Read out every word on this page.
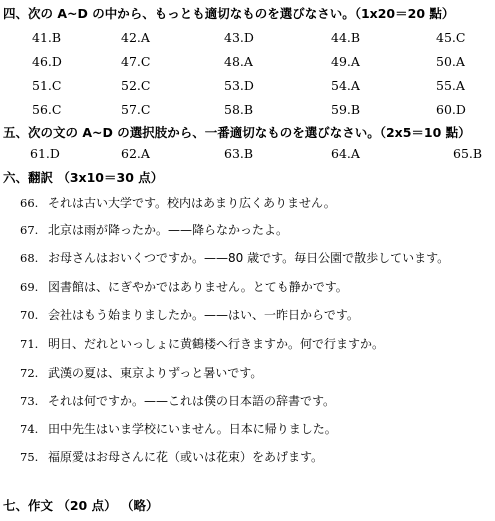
四、次の A~D の中から、もっとも適切なものを選びなさい。（1x20＝20 點）
41.B	42.A	43.D	44.B	45.C
46.D	47.C	48.A	49.A	50.A
51.C	52.C	53.D	54.A	55.A
56.C	57.C	58.B	59.B	60.D
五、次の文の A~D の選択肢から、一番適切なものを選びなさい。（2x5＝10 點）
61.D	62.A	63.B	64.A	65.B
六、翻訳 （3x10＝30 点）
66. それは古い大学です。校内はあまり広くありません。
67. 北京は雨が降ったか。——降らなかったよ。
68. お母さんはおいくつですか。——80 歳です。毎日公園で散歩しています。
69. 図書館は、にぎやかではありません。とても静かです。
70. 会社はもう始まりましたか。——はい、一昨日からです。
71. 明日、だれといっしょに黄鶴楼へ行きますか。何で行ますか。
72. 武漢の夏は、東京よりずっと暑いです。
73. それは何ですか。——これは僕の日本語の辞書です。
74. 田中先生はいま学校にいません。日本に帰りました。
75. 福原愛はお母さんに花（或いは花束）をあげます。
七、作文 （20 点） （略）
